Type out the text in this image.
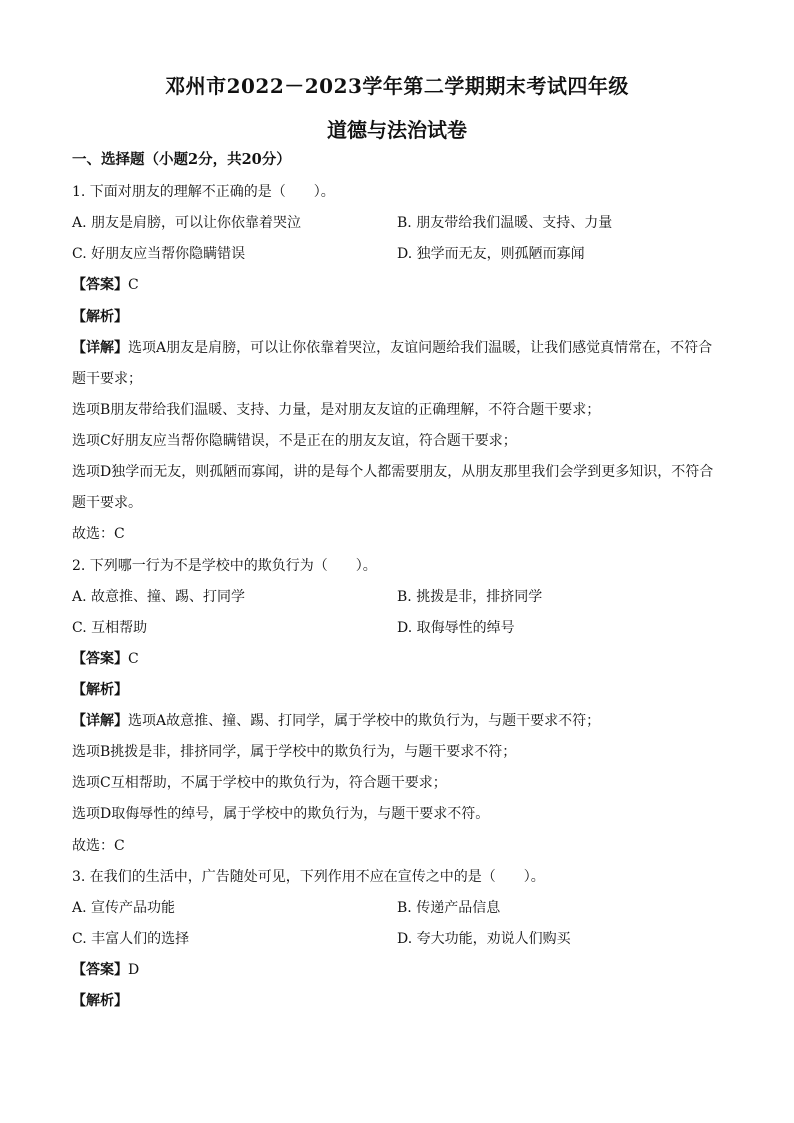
邓州市2022－2023学年第二学期期末考试四年级
道德与法治试卷
一、选择题（小题2分，共20分）
1. 下面对朋友的理解不正确的是（　　）。
A. 朋友是肩膀，可以让你依靠着哭泣	B. 朋友带给我们温暖、支持、力量
C. 好朋友应当帮你隐瞒错误	D. 独学而无友，则孤陋而寡闻
【答案】C
【解析】
【详解】选项A朋友是肩膀，可以让你依靠着哭泣，友谊问题给我们温暖，让我们感觉真情常在，不符合
题干要求；
选项B朋友带给我们温暖、支持、力量，是对朋友友谊的正确理解，不符合题干要求；
选项C好朋友应当帮你隐瞒错误，不是正在的朋友友谊，符合题干要求；
选项D独学而无友，则孤陋而寡闻，讲的是每个人都需要朋友，从朋友那里我们会学到更多知识，不符合
题干要求。
故选：C
2. 下列哪一行为不是学校中的欺负行为（　　）。
A. 故意推、撞、踢、打同学	B. 挑拨是非，排挤同学
C. 互相帮助	D. 取侮辱性的绰号
【答案】C
【解析】
【详解】选项A故意推、撞、踢、打同学，属于学校中的欺负行为，与题干要求不符；
选项B挑拨是非，排挤同学，属于学校中的欺负行为，与题干要求不符；
选项C互相帮助，不属于学校中的欺负行为，符合题干要求；
选项D取侮辱性的绰号，属于学校中的欺负行为，与题干要求不符。
故选：C
3. 在我们的生活中，广告随处可见，下列作用不应在宣传之中的是（　　）。
A. 宣传产品功能	B. 传递产品信息
C. 丰富人们的选择	D. 夸大功能，劝说人们购买
【答案】D
【解析】
